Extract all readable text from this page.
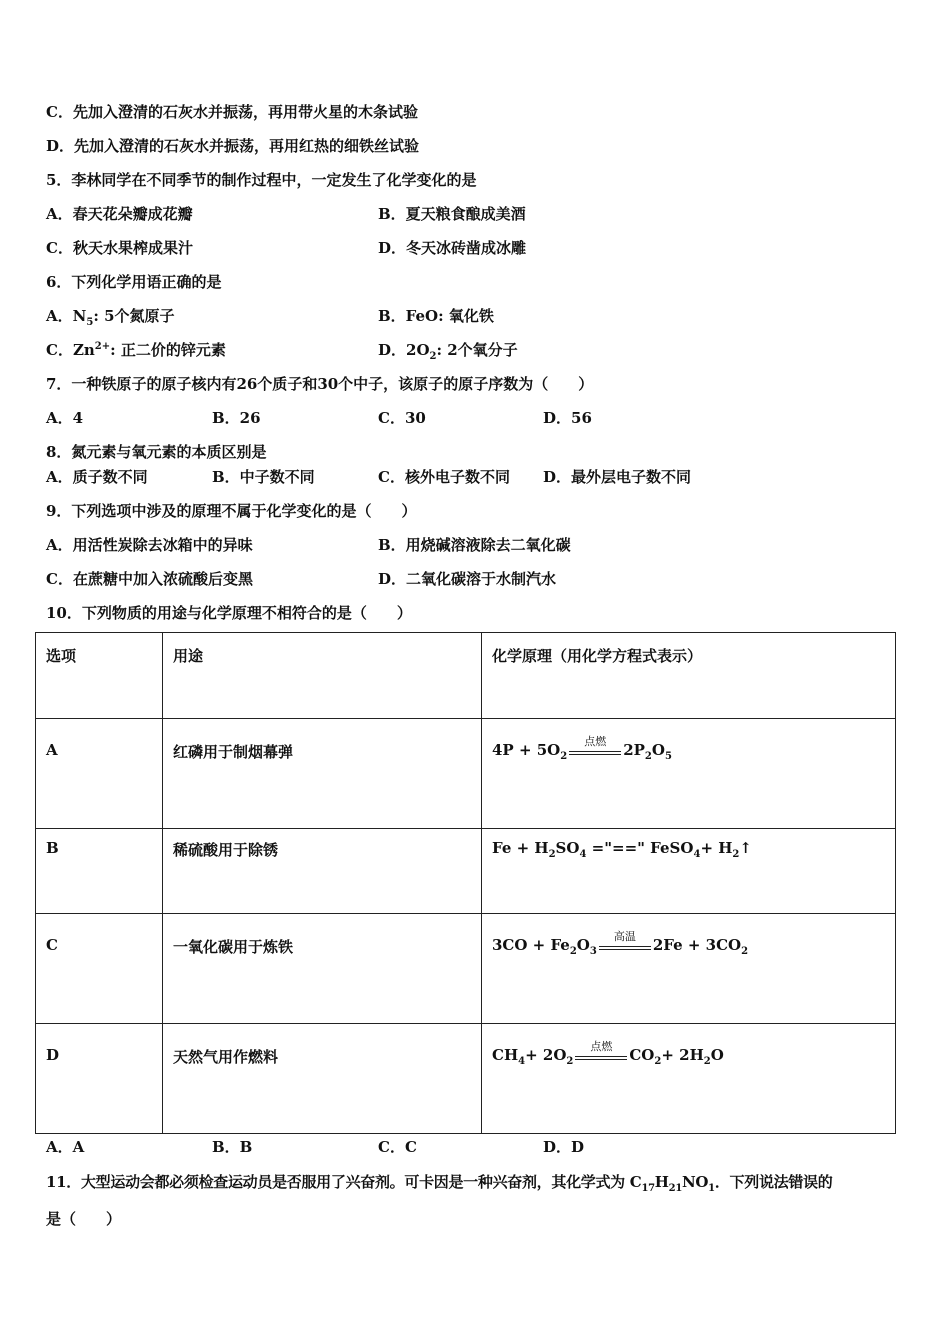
C．先加入澄清的石灰水并振荡，再用带火星的木条试验
D．先加入澄清的石灰水并振荡，再用红热的细铁丝试验
5．李林同学在不同季节的制作过程中，一定发生了化学变化的是
A．春天花朵瓣成花瓣	B．夏天粮食酿成美酒
C．秋天水果榨成果汁	D．冬天冰砖凿成冰雕
6．下列化学用语正确的是
A．$N_5$: 5个氮原子	B．FeO: 氧化铁
C．$Zn^{2+}$: 正二价的锌元素	D．$2O_2$: 2个氧分子
7．一种铁原子的原子核内有26个质子和30个中子，该原子的原子序数为（　　）
A．4	B．26	C．30	D．56
8．氮元素与氧元素的本质区别是
A．质子数不同	B．中子数不同	C．核外电子数不同 D．最外层电子数不同
9．下列选项中涉及的原理不属于化学变化的是（　　）
A．用活性炭除去冰箱中的异味	B．用烧碱溶液除去二氧化碳
C．在蔗糖中加入浓硫酸后变黑	D．二氧化碳溶于水制汽水
10．下列物质的用途与化学原理不相符合的是（　　）
选项	用途	化学原理（用化学方程式表示）
A	红磷用于制烟幕弹	$4P + 5O_2$
点燃 $2P_2O_5$
B	稀硫酸用于除锈	$Fe + H_2SO_4$ ="==" FeSO$_4$+ $H_2↑$
C	一氧化碳用于炼铁	$3CO + Fe_2O_3$
高温 $2Fe + 3CO_2$
D	天然气用作燃料	$CH_4+ 2O_2$
点燃 $CO_2+ 2H_2O$
A．A	B．B	C．C	D．D
11．大型运动会都必须检查运动员是否服用了兴奋剂。可卡因是一种兴奋剂，其化学式为 $C_{17}H_{21}NO_1$．下列说法错误的
是（　　）
